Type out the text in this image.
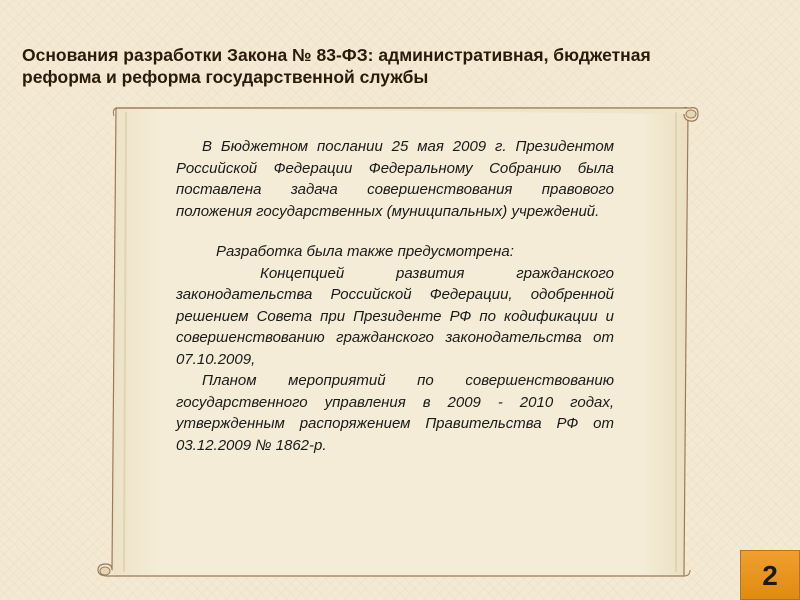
Основания разработки Закона № 83-ФЗ: административная, бюджетная
реформа и реформа государственной службы

В Бюджетном послании 25 мая 2009 г. Президентом Российской Федерации Федеральному Собранию была поставлена задача совершенствования правового положения государственных (муниципальных) учреждений.

Разработка была также предусмотрена:

Концепцией развития гражданского законодательства Российской Федерации, одобренной решением Совета при Президенте РФ по кодификации и совершенствованию гражданского законодательства от 07.10.2009,

Планом мероприятий по совершенствованию государственного управления в 2009 - 2010 годах, утвержденным распоряжением Правительства РФ от 03.12.2009 № 1862-р.

2
